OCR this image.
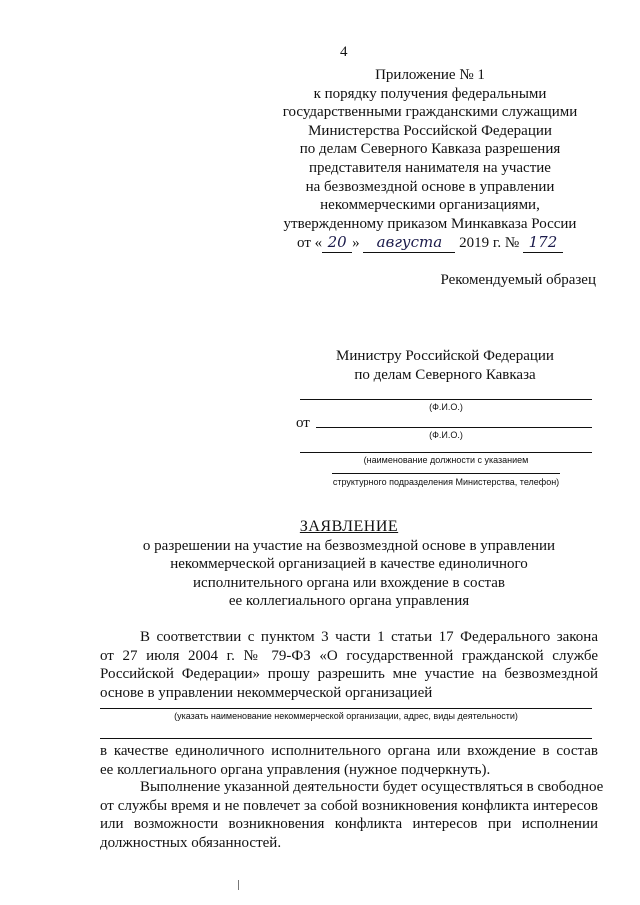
4
Приложение № 1
к порядку получения федеральными
государственными гражданскими служащими
Министерства Российской Федерации
по делам Северного Кавказа разрешения
представителя нанимателя на участие
на безвозмездной основе в управлении
некоммерческими организациями,
утвержденному приказом Минкавказа России
от « 20 » августа 2019 г. № 172
Рекомендуемый образец
Министру Российской Федерации
по делам Северного Кавказа
(Ф.И.О.)
от
(Ф.И.О.)
(наименование должности с указанием
структурного подразделения Министерства, телефон)
ЗАЯВЛЕНИЕ
о разрешении на участие на безвозмездной основе в управлении
некоммерческой организацией в качестве единоличного
исполнительного органа или вхождение в состав
ее коллегиального органа управления
В соответствии с пунктом 3 части 1 статьи 17 Федерального закона
от 27 июля 2004 г. № 79-ФЗ «О государственной гражданской службе
Российской Федерации» прошу разрешить мне участие на безвозмездной
основе в управлении некоммерческой организацией
(указать наименование некоммерческой организации, адрес, виды деятельности)
в качестве единоличного исполнительного органа или вхождение в состав
ее коллегиального органа управления (нужное подчеркнуть).
Выполнение указанной деятельности будет осуществляться в свободное
от службы время и не повлечет за собой возникновения конфликта интересов
или возможности возникновения конфликта интересов при исполнении
должностных обязанностей.
